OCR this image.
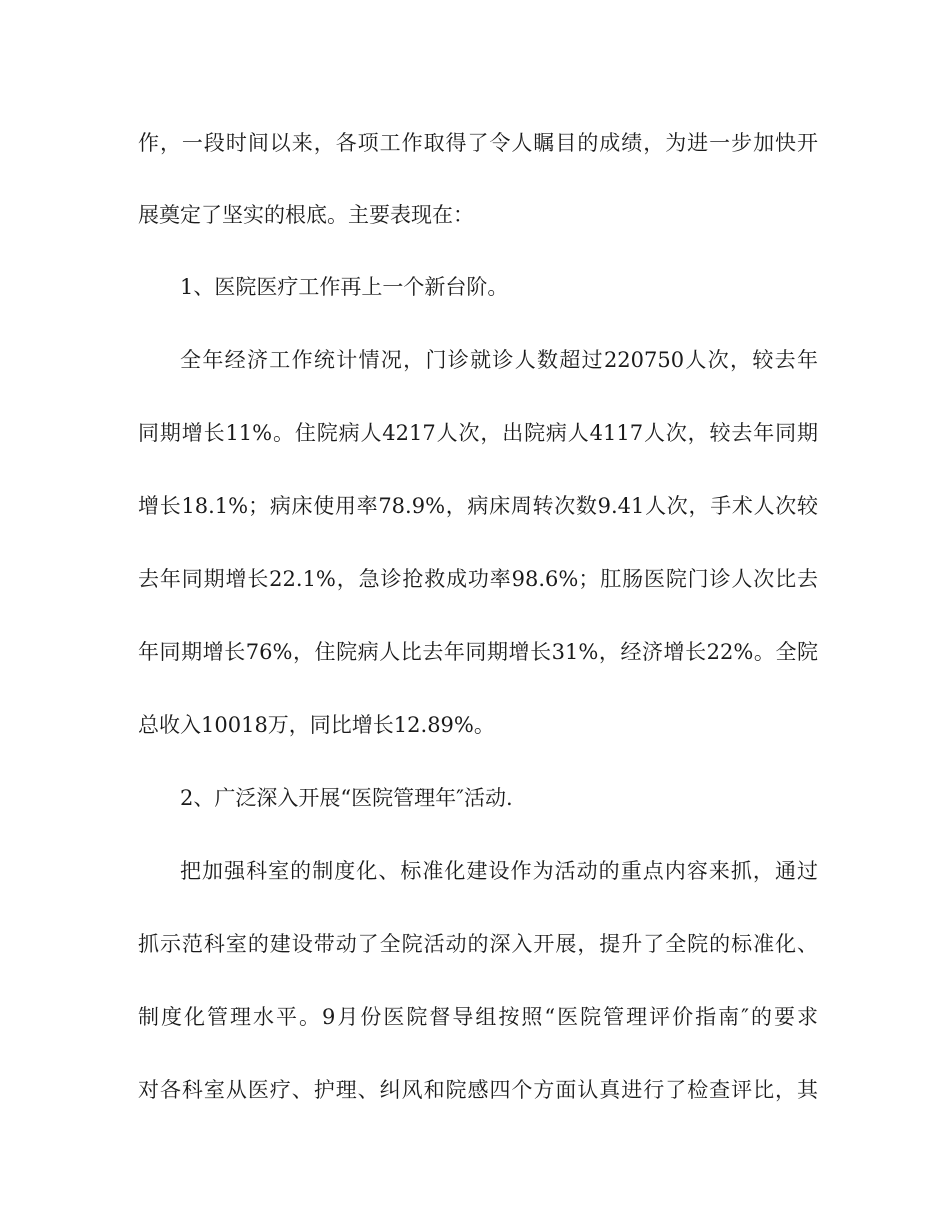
作，一段时间以来，各项工作取得了令人瞩目的成绩，为进一步加快开
展奠定了坚实的根底。主要表现在：
1、医院医疗工作再上一个新台阶。
全年经济工作统计情况，门诊就诊人数超过220750人次，较去年
同期增长11%。住院病人4217人次，出院病人4117人次，较去年同期
增长18.1%；病床使用率78.9%，病床周转次数9.41人次，手术人次较
去年同期增长22.1%，急诊抢救成功率98.6%；肛肠医院门诊人次比去
年同期增长76%，住院病人比去年同期增长31%，经济增长22%。全院
总收入10018万，同比增长12.89%。
2、广泛深入开展“医院管理年″活动.
把加强科室的制度化、标准化建设作为活动的重点内容来抓，通过
抓示范科室的建设带动了全院活动的深入开展，提升了全院的标准化、
制度化管理水平。9月份医院督导组按照“医院管理评价指南″的要求
对各科室从医疗、护理、纠风和院感四个方面认真进行了检查评比，其
